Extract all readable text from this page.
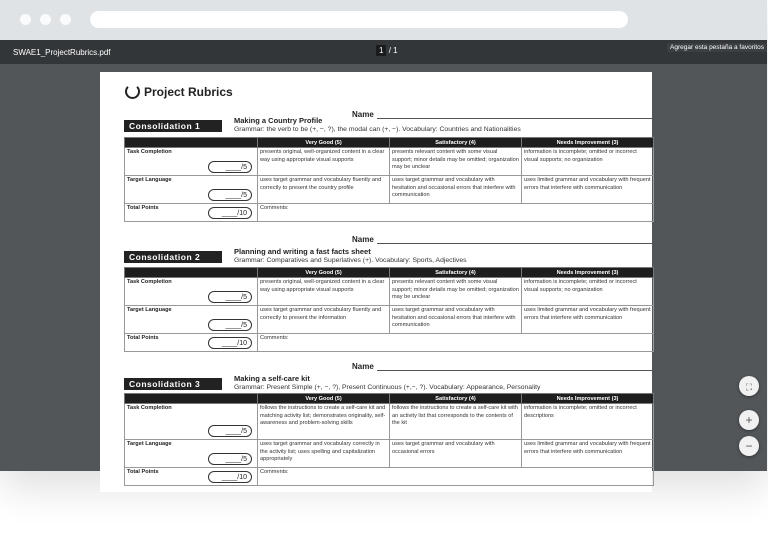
SWAE1_ProjectRubrics.pdf	1 / 1	Agregar esta pestaña a favoritos
Project Rubrics
Name
Consolidation 1
Making a Country Profile
Grammar: the verb to be (+, −, ?), the modal can (+, −). Vocabulary: Countries and Nationalities
	Very Good (5)	Satisfactory (4)	Needs Improvement (3)
Task Completion
____/5	presents original, well-organized content in a clear way using appropriate visual supports	presents relevant content with some visual support; minor details may be omitted; organization may be unclear	information is incomplete; omitted or incorrect visual supports; no organization
Target Language
____/5	uses target grammar and vocabulary fluently and correctly to present the country profile	uses target grammar and vocabulary with hesitation and occasional errors that interfere with communication	uses limited grammar and vocabulary with frequent errors that interfere with communication
Total Points
____/10	Comments:		
Name
Consolidation 2
Planning and writing a fast facts sheet
Grammar: Comparatives and Superlatives (+). Vocabulary: Sports, Adjectives
	Very Good (5)	Satisfactory (4)	Needs Improvement (3)
Task Completion
____/5	presents original, well-organized content in a clear way using appropriate visual supports	presents relevant content with some visual support; minor details may be omitted; organization may be unclear	information is incomplete; omitted or incorrect visual supports; no organization
Target Language
____/5	uses target grammar and vocabulary fluently and correctly to present the information	uses target grammar and vocabulary with hesitation and occasional errors that interfere with communication	uses limited grammar and vocabulary with frequent errors that interfere with communication
Total Points
____/10	Comments:		
Name
Consolidation 3
Making a self-care kit
Grammar: Present Simple (+, −, ?), Present Continuous (+,−, ?). Vocabulary: Appearance, Personality
	Very Good (5)	Satisfactory (4)	Needs Improvement (3)
Task Completion
____/5	follows the instructions to create a self-care kit and matching activity list; demonstrates originality, self-awareness and problem-solving skills	follows the instructions to create a self-care kit with an activity list that corresponds to the contents of the kit	information is incomplete; omitted or incorrect descriptions
Target Language
____/5	uses target grammar and vocabulary correctly in the activity list; uses spelling and capitalization appropriately	uses target grammar and vocabulary with occasional errors	uses limited grammar and vocabulary with frequent errors that interfere with communication
Total Points
____/10	Comments:		
⛶
+
−
